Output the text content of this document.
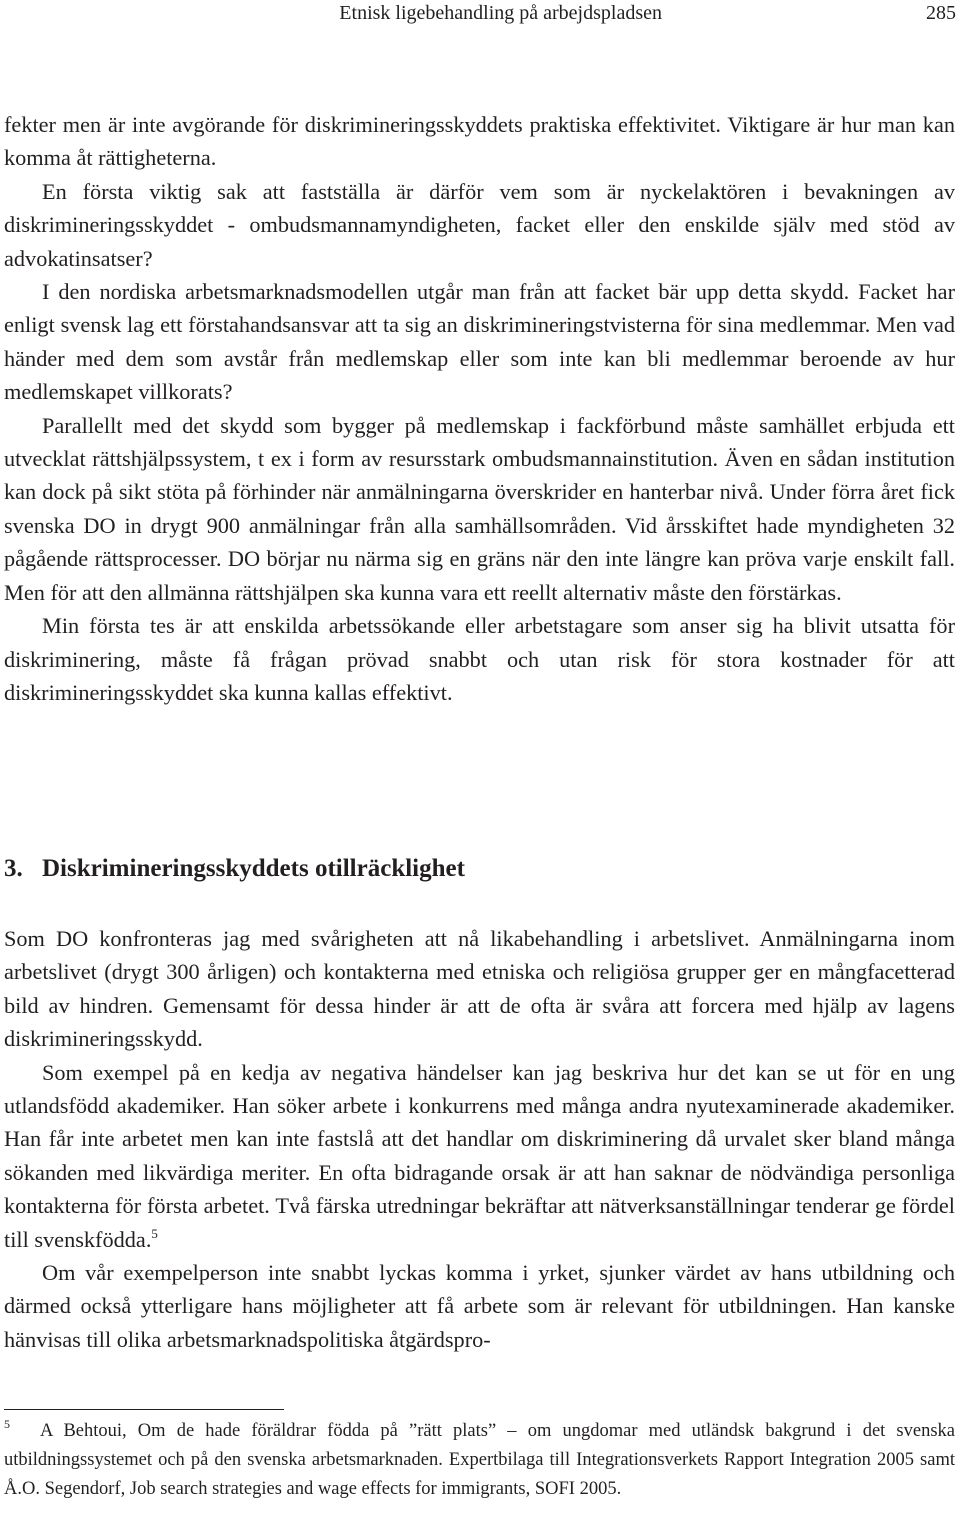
Etnisk ligebehandling på arbejdspladsen	285

fekter men är inte avgörande för diskrimineringsskyddets praktiska effektivitet. Viktigare är hur man kan komma åt rättigheterna.

En första viktig sak att fastställa är därför vem som är nyckelaktören i bevakningen av diskrimineringsskyddet - ombudsmannamyndigheten, facket eller den enskilde själv med stöd av advokatinsatser?

I den nordiska arbetsmarknadsmodellen utgår man från att facket bär upp detta skydd. Facket har enligt svensk lag ett förstahandsansvar att ta sig an diskrimineringstvisterna för sina medlemmar. Men vad händer med dem som avstår från medlemskap eller som inte kan bli medlemmar beroende av hur medlemskapet villkorats?

Parallellt med det skydd som bygger på medlemskap i fackförbund måste samhället erbjuda ett utvecklat rättshjälpssystem, t ex i form av resursstark ombudsmannainstitution. Även en sådan institution kan dock på sikt stöta på förhinder när anmälningarna överskrider en hanterbar nivå. Under förra året fick svenska DO in drygt 900 anmälningar från alla samhällsområden. Vid årsskiftet hade myndigheten 32 pågående rättsprocesser. DO börjar nu närma sig en gräns när den inte längre kan pröva varje enskilt fall. Men för att den allmänna rättshjälpen ska kunna vara ett reellt alternativ måste den förstärkas.

Min första tes är att enskilda arbetssökande eller arbetstagare som anser sig ha blivit utsatta för diskriminering, måste få frågan prövad snabbt och utan risk för stora kostnader för att diskrimineringsskyddet ska kunna kallas effektivt.

3. Diskrimineringsskyddets otillräcklighet

Som DO konfronteras jag med svårigheten att nå likabehandling i arbetslivet. Anmälningarna inom arbetslivet (drygt 300 årligen) och kontakterna med etniska och religiösa grupper ger en mångfacetterad bild av hindren. Gemensamt för dessa hinder är att de ofta är svåra att forcera med hjälp av lagens diskrimineringsskydd.

Som exempel på en kedja av negativa händelser kan jag beskriva hur det kan se ut för en ung utlandsfödd akademiker. Han söker arbete i konkurrens med många andra nyutexaminerade akademiker. Han får inte arbetet men kan inte fastslå att det handlar om diskriminering då urvalet sker bland många sökanden med likvärdiga meriter. En ofta bidragande orsak är att han saknar de nödvändiga personliga kontakterna för första arbetet. Två färska utredningar bekräftar att nätverksanställningar tenderar ge fördel till svenskfödda.$^5$

Om vår exempelperson inte snabbt lyckas komma i yrket, sjunker värdet av hans utbildning och därmed också ytterligare hans möjligheter att få arbete som är relevant för utbildningen. Han kanske hänvisas till olika arbetsmarknadspolitiska åtgärdspro-

$^5$ A Behtoui, Om de hade föräldrar födda på ”rätt plats” – om ungdomar med utländsk bakgrund i det svenska utbildningssystemet och på den svenska arbetsmarknaden. Expertbilaga till Integrationsverkets Rapport Integration 2005 samt Å.O. Segendorf, Job search strategies and wage effects for immigrants, SOFI 2005.
